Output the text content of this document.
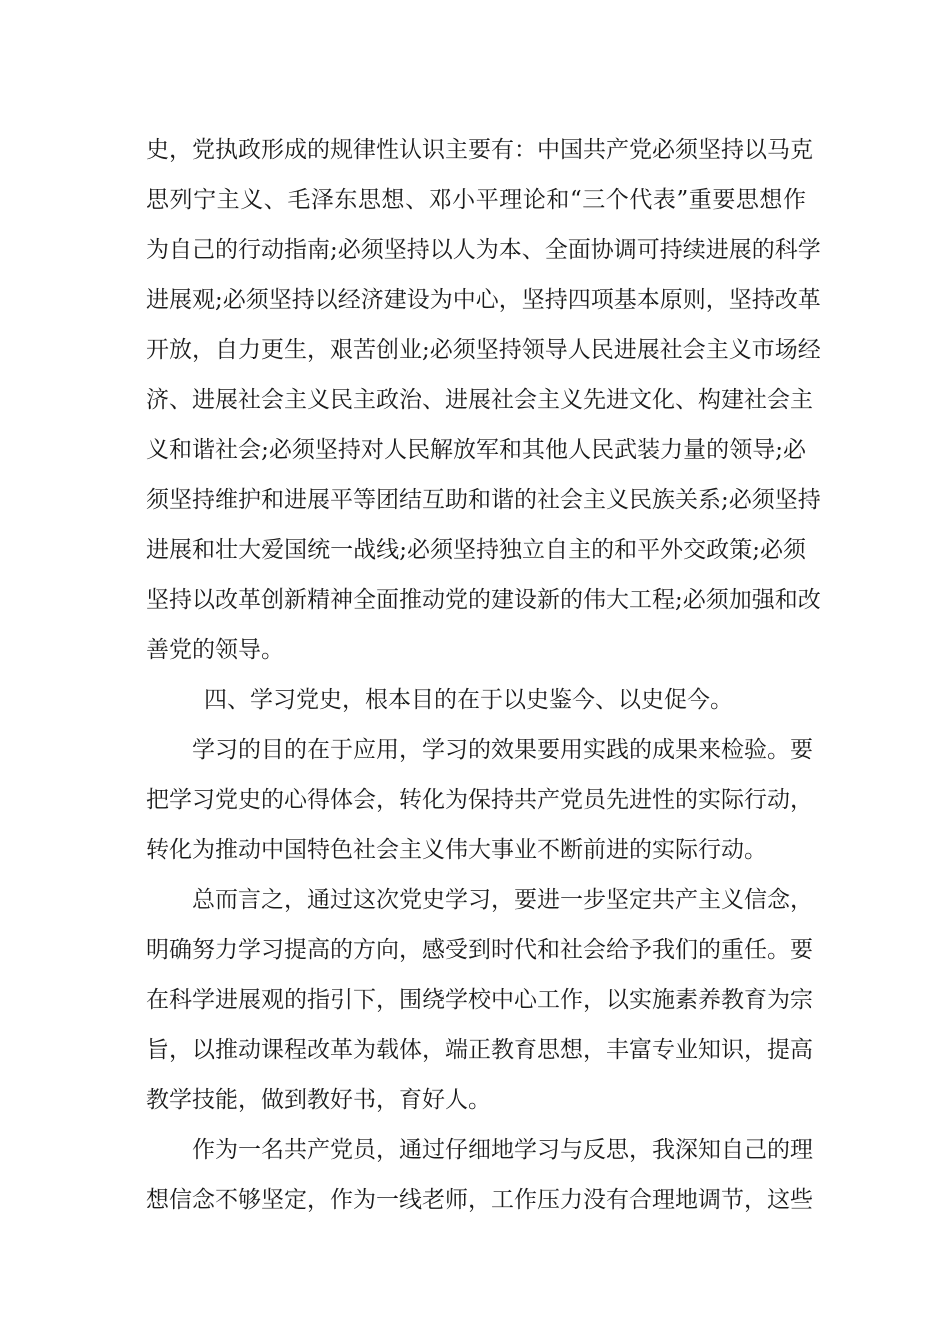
史，党执政形成的规律性认识主要有：中国共产党必须坚持以马克
思列宁主义、毛泽东思想、邓小平理论和“三个代表”重要思想作
为自己的行动指南;必须坚持以人为本、全面协调可持续进展的科学
进展观;必须坚持以经济建设为中心，坚持四项基本原则，坚持改革
开放，自力更生，艰苦创业;必须坚持领导人民进展社会主义市场经
济、进展社会主义民主政治、进展社会主义先进文化、构建社会主
义和谐社会;必须坚持对人民解放军和其他人民武装力量的领导;必
须坚持维护和进展平等团结互助和谐的社会主义民族关系;必须坚持
进展和壮大爱国统一战线;必须坚持独立自主的和平外交政策;必须
坚持以改革创新精神全面推动党的建设新的伟大工程;必须加强和改
善党的领导。
四、学习党史，根本目的在于以史鉴今、以史促今。
学习的目的在于应用，学习的效果要用实践的成果来检验。要
把学习党史的心得体会，转化为保持共产党员先进性的实际行动，
转化为推动中国特色社会主义伟大事业不断前进的实际行动。
总而言之，通过这次党史学习，要进一步坚定共产主义信念，
明确努力学习提高的方向，感受到时代和社会给予我们的重任。要
在科学进展观的指引下，围绕学校中心工作，以实施素养教育为宗
旨，以推动课程改革为载体，端正教育思想，丰富专业知识，提高
教学技能，做到教好书，育好人。
作为一名共产党员，通过仔细地学习与反思，我深知自己的理
想信念不够坚定，作为一线老师，工作压力没有合理地调节，这些
